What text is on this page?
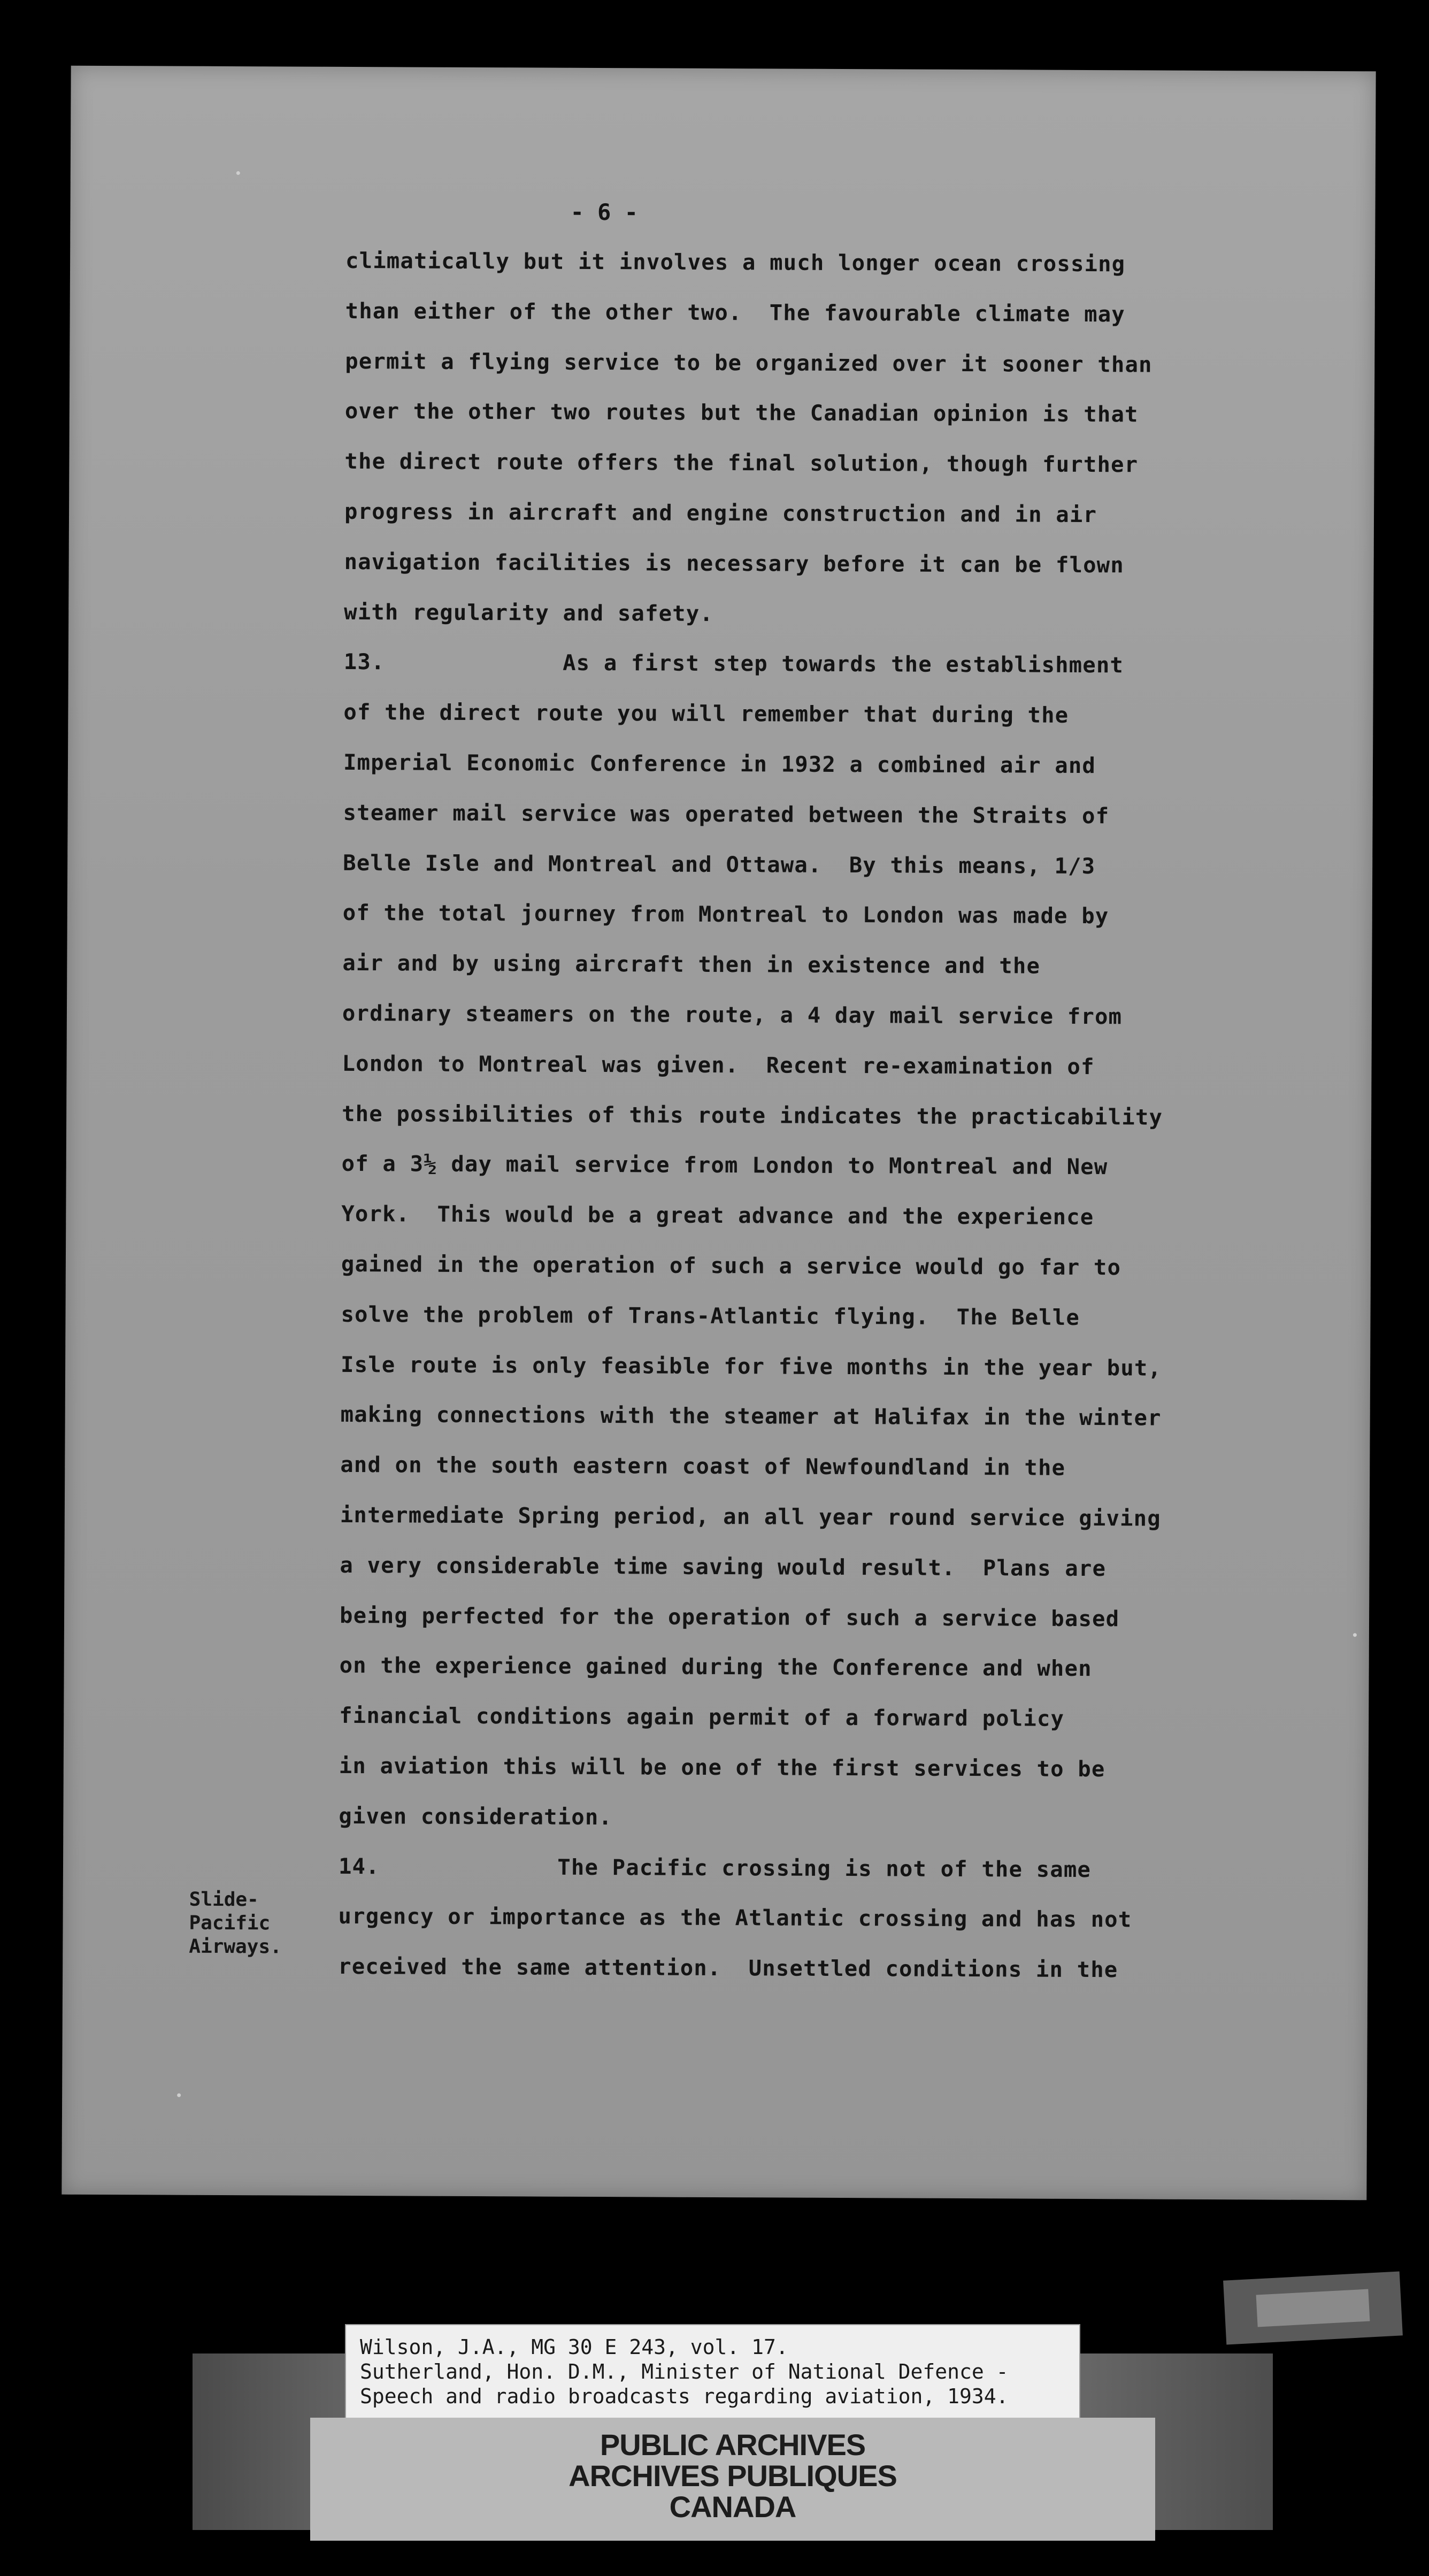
- 6 -
climatically but it involves a much longer ocean crossing
than either of the other two.  The favourable climate may
permit a flying service to be organized over it sooner than
over the other two routes but the Canadian opinion is that
the direct route offers the final solution, though further
progress in aircraft and engine construction and in air
navigation facilities is necessary before it can be flown
with regularity and safety.
13.             As a first step towards the establishment
of the direct route you will remember that during the
Imperial Economic Conference in 1932 a combined air and
steamer mail service was operated between the Straits of
Belle Isle and Montreal and Ottawa.  By this means, 1/3
of the total journey from Montreal to London was made by
air and by using aircraft then in existence and the
ordinary steamers on the route, a 4 day mail service from
London to Montreal was given.  Recent re-examination of
the possibilities of this route indicates the practicability
of a 3½ day mail service from London to Montreal and New
York.  This would be a great advance and the experience
gained in the operation of such a service would go far to
solve the problem of Trans-Atlantic flying.  The Belle
Isle route is only feasible for five months in the year but,
making connections with the steamer at Halifax in the winter
and on the south eastern coast of Newfoundland in the
intermediate Spring period, an all year round service giving
a very considerable time saving would result.  Plans are
being perfected for the operation of such a service based
on the experience gained during the Conference and when
financial conditions again permit of a forward policy
in aviation this will be one of the first services to be
given consideration.
14.             The Pacific crossing is not of the same
urgency or importance as the Atlantic crossing and has not
received the same attention.  Unsettled conditions in the
Slide-
Pacific
Airways.
Wilson, J.A., MG 30 E 243, vol. 17.
Sutherland, Hon. D.M., Minister of National Defence -
Speech and radio broadcasts regarding aviation, 1934.
PUBLIC ARCHIVES
ARCHIVES PUBLIQUES
CANADA
